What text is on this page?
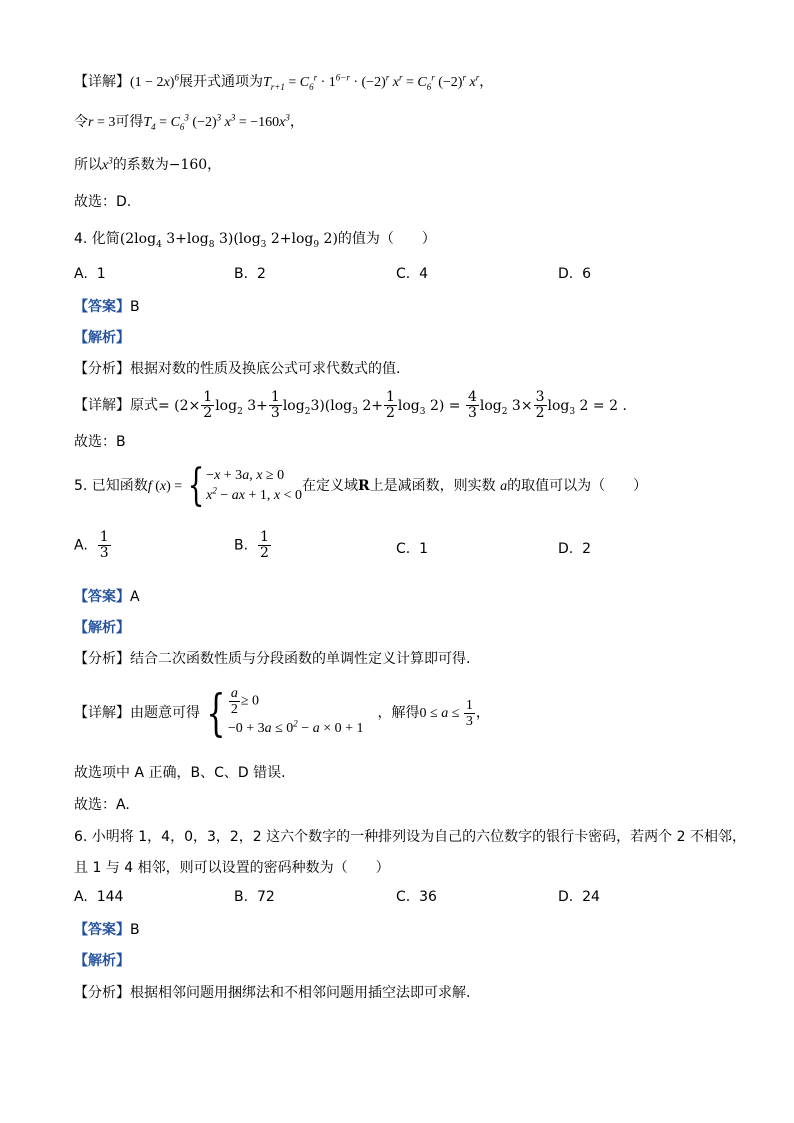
【详解】$(1 - 2x)^6$展开式通项为$T_{r+1} = C_6^r \cdot 1^{6-r} \cdot (-2)^r$ $x^r = C_6^r$ $(-2)^r$ $x^r$，
令r = 3可得$T_4 = C_6^3$ $(-2)^3$ $x^3 = -160x^3$，
所以$x^3$的系数为−160，
故选：D.
4. 化简($2\log_4$ $3+\log_8$ $3)(\log_3$ $2+\log_9$ 2)的值为（　　）
A. 1	B. 2	C. 4	D. 6
【答案】B
【解析】
【分析】根据对数的性质及换底公式可求代数式的值.
【详解】原式= $(2\times \frac{1}{2} \log_2 3+ \frac{1}{3} \log_23)(\log_3$ $2+ \frac{1}{2} \log_3 2) = \frac{4}{3} \log_2 3\times \frac{3}{2} \log_3 2 = 2$ .
故选：B
5. 已知函数f (x) = { −x + 3a, x ≥ 0
$x^2$ − ax + 1, x < 0
在定义域R上是减函数，则实数 a的取值可以为（　　）
A. $\frac{1}{3}$	B. $\frac{1}{2}$	C. 1	D. 2
【答案】A
【解析】
【分析】结合二次函数性质与分段函数的单调性定义计算即可得.
【详解】由题意可得 { $\frac{a}{2} \ge 0$
$-0 + 3a \le 0^2 - a \times 0 + 1$
，解得$0 \le a \le \frac{1}{3}$ ，
故选项中 A 正确，B、C、D 错误.
故选：A.
6. 小明将 1，4，0，3，2，2 这六个数字的一种排列设为自己的六位数字的银行卡密码，若两个 2 不相邻，
且 1 与 4 相邻，则可以设置的密码种数为（　　）
A. 144	B. 72	C. 36	D. 24
【答案】B
【解析】
【分析】根据相邻问题用捆绑法和不相邻问题用插空法即可求解.
